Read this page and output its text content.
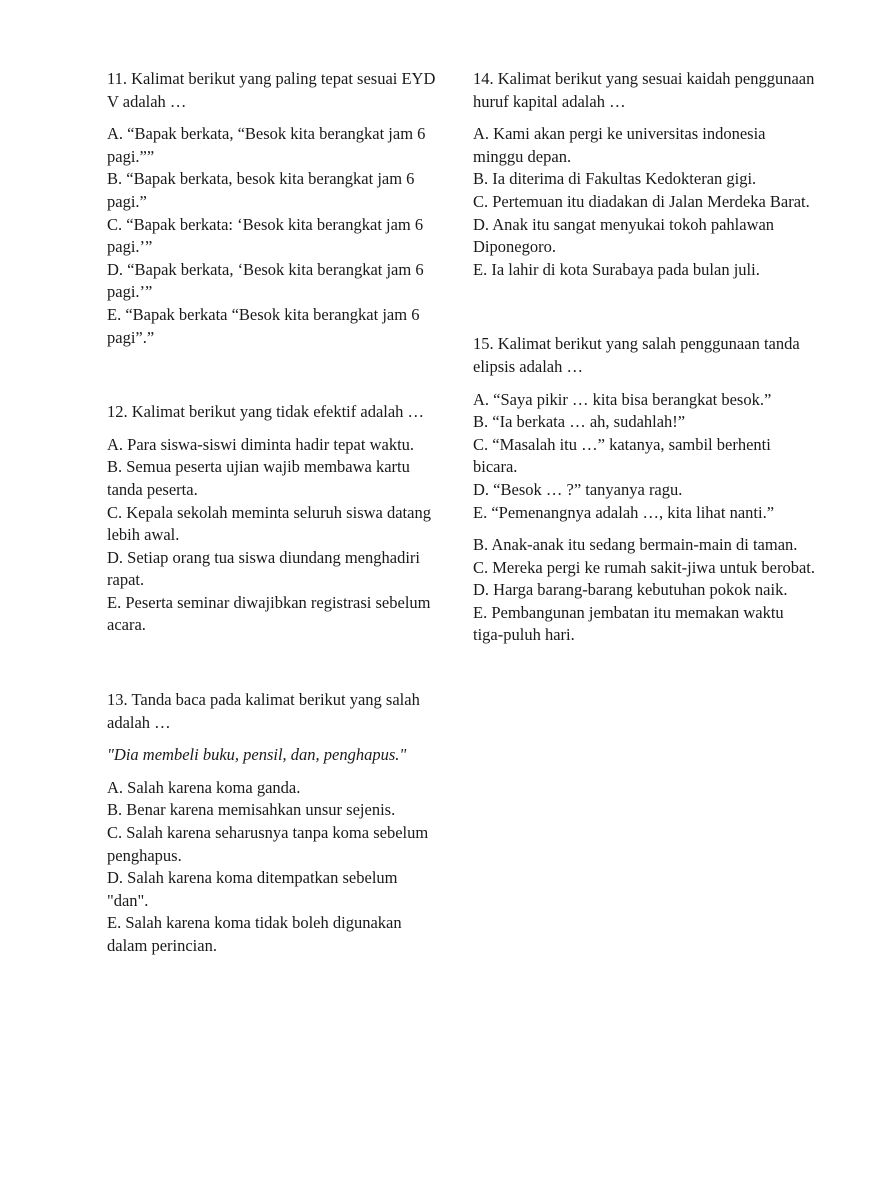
11. Kalimat berikut yang paling tepat sesuai EYD V adalah …

A. “Bapak berkata, “Besok kita berangkat jam 6 pagi.””

B. “Bapak berkata, besok kita berangkat jam 6 pagi.”

C. “Bapak berkata: ‘Besok kita berangkat jam 6 pagi.’”

D. “Bapak berkata, ‘Besok kita berangkat jam 6 pagi.’”

E. “Bapak berkata “Besok kita berangkat jam 6 pagi”.”

12. Kalimat berikut yang tidak efektif adalah …

A. Para siswa-siswi diminta hadir tepat waktu.

B. Semua peserta ujian wajib membawa kartu tanda peserta.

C. Kepala sekolah meminta seluruh siswa datang lebih awal.

D. Setiap orang tua siswa diundang menghadiri rapat.

E. Peserta seminar diwajibkan registrasi sebelum acara.

13. Tanda baca pada kalimat berikut yang salah adalah …

"Dia membeli buku, pensil, dan, penghapus."

A. Salah karena koma ganda.

B. Benar karena memisahkan unsur sejenis.

C. Salah karena seharusnya tanpa koma sebelum penghapus.

D. Salah karena koma ditempatkan sebelum "dan".

E. Salah karena koma tidak boleh digunakan dalam perincian.

14. Kalimat berikut yang sesuai kaidah penggunaan huruf kapital adalah …

A. Kami akan pergi ke universitas indonesia minggu depan.

B. Ia diterima di Fakultas Kedokteran gigi.

C. Pertemuan itu diadakan di Jalan Merdeka Barat.

D. Anak itu sangat menyukai tokoh pahlawan Diponegoro.

E. Ia lahir di kota Surabaya pada bulan juli.

15. Kalimat berikut yang salah penggunaan tanda elipsis adalah …

A. “Saya pikir … kita bisa berangkat besok.”

B. “Ia berkata … ah, sudahlah!”

C. “Masalah itu …” katanya, sambil berhenti bicara.

D. “Besok … ?” tanyanya ragu.

E. “Pemenangnya adalah …, kita lihat nanti.”

B. Anak-anak itu sedang bermain-main di taman.

C. Mereka pergi ke rumah sakit-jiwa untuk berobat.

D. Harga barang-barang kebutuhan pokok naik.

E. Pembangunan jembatan itu memakan waktu tiga-puluh hari.
